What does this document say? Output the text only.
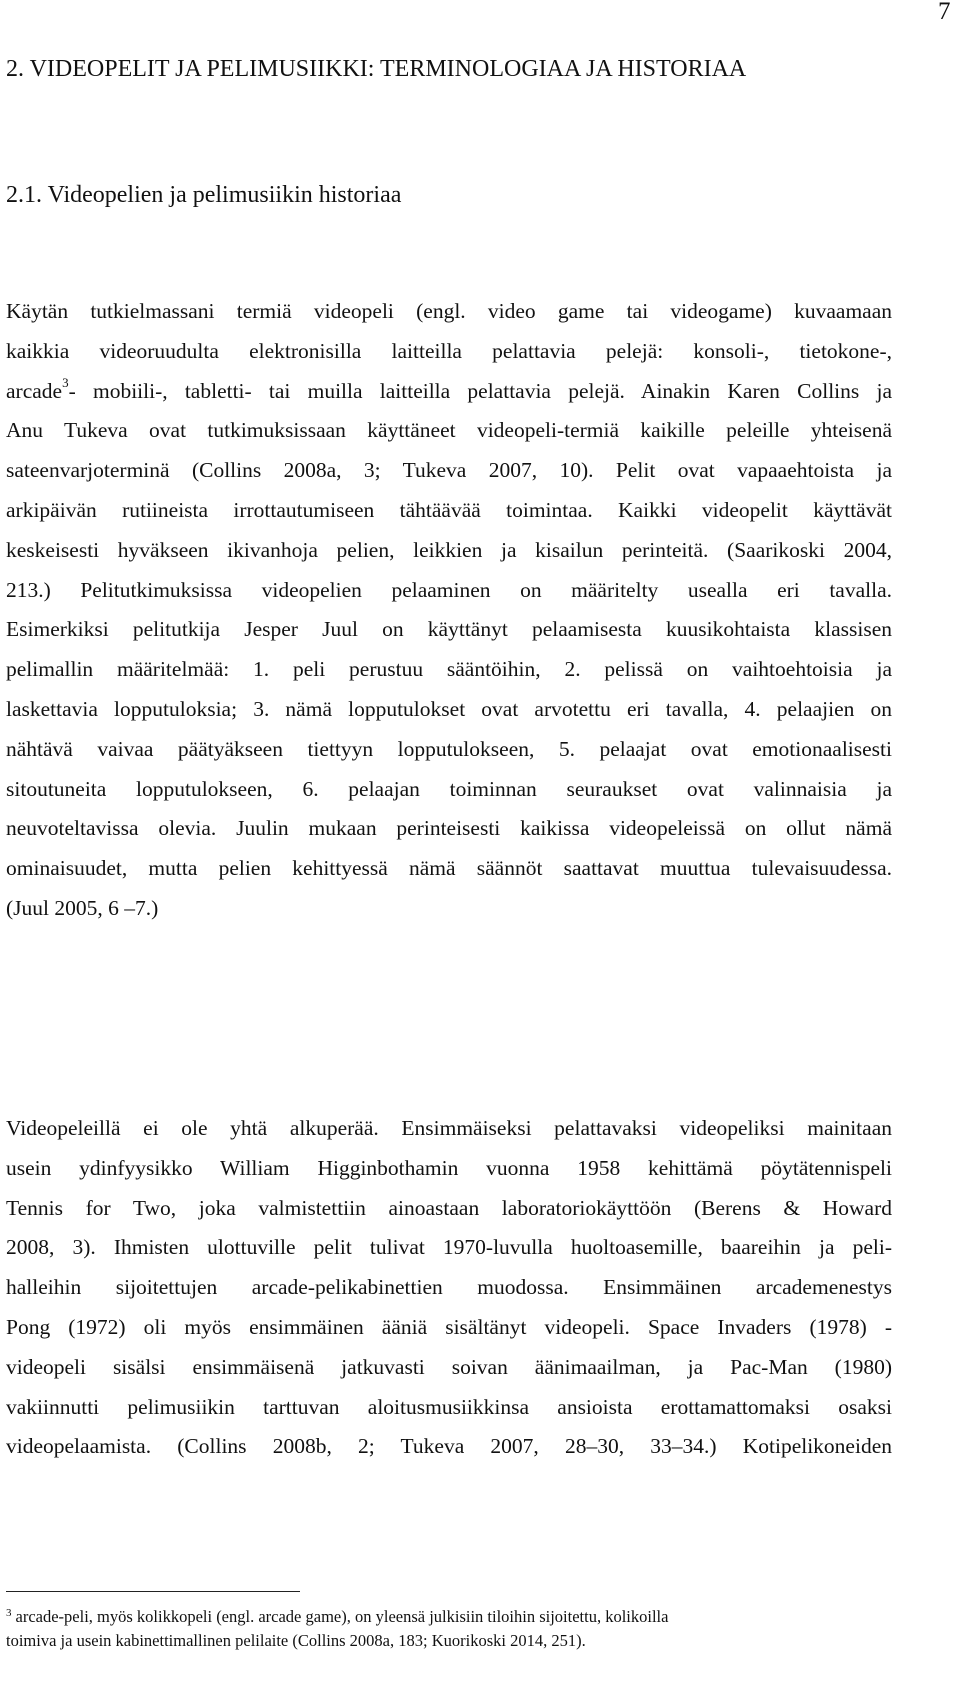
7
2. VIDEOPELIT JA PELIMUSIIKKI: TERMINOLOGIAA JA HISTORIAA
2.1. Videopelien ja pelimusiikin historiaa
Käytän tutkielmassani termiä videopeli (engl. video game tai videogame) kuvaamaan
kaikkia videoruudulta elektronisilla laitteilla pelattavia pelejä: konsoli-, tietokone-,
arcade$^3$- mobiili-, tabletti- tai muilla laitteilla pelattavia pelejä. Ainakin Karen Collins ja
Anu Tukeva ovat tutkimuksissaan käyttäneet videopeli-termiä kaikille peleille yhteisenä
sateenvarjoterminä (Collins 2008a, 3; Tukeva 2007, 10). Pelit ovat vapaaehtoista ja
arkipäivän rutiineista irrottautumiseen tähtäävää toimintaa. Kaikki videopelit käyttävät
keskeisesti hyväkseen ikivanhoja pelien, leikkien ja kisailun perinteitä. (Saarikoski 2004,
213.) Pelitutkimuksissa videopelien pelaaminen on määritelty usealla eri tavalla.
Esimerkiksi pelitutkija Jesper Juul on käyttänyt pelaamisesta kuusikohtaista klassisen
pelimallin määritelmää: 1. peli perustuu sääntöihin, 2. pelissä on vaihtoehtoisia ja
laskettavia lopputuloksia; 3. nämä lopputulokset ovat arvotettu eri tavalla, 4. pelaajien on
nähtävä vaivaa päätyäkseen tiettyyn lopputulokseen, 5. pelaajat ovat emotionaalisesti
sitoutuneita lopputulokseen, 6. pelaajan toiminnan seuraukset ovat valinnaisia ja
neuvoteltavissa olevia. Juulin mukaan perinteisesti kaikissa videopeleissä on ollut nämä
ominaisuudet, mutta pelien kehittyessä nämä säännöt saattavat muuttua tulevaisuudessa.
(Juul 2005, 6 –7.)
Videopeleillä ei ole yhtä alkuperää. Ensimmäiseksi pelattavaksi videopeliksi mainitaan
usein ydinfyysikko William Higginbothamin vuonna 1958 kehittämä pöytätennispeli
Tennis for Two, joka valmistettiin ainoastaan laboratoriokäyttöön (Berens & Howard
2008, 3). Ihmisten ulottuville pelit tulivat 1970-luvulla huoltoasemille, baareihin ja peli-
halleihin sijoitettujen arcade-pelikabinettien muodossa. Ensimmäinen arcademenestys
Pong (1972) oli myös ensimmäinen ääniä sisältänyt videopeli. Space Invaders (1978) -
videopeli sisälsi ensimmäisenä jatkuvasti soivan äänimaailman, ja Pac-Man (1980)
vakiinnutti pelimusiikin tarttuvan aloitusmusiikkinsa ansioista erottamattomaksi osaksi
videopelaamista. (Collins 2008b, 2; Tukeva 2007, 28–30, 33–34.) Kotipelikoneiden
$^3$ arcade-peli, myös kolikkopeli (engl. arcade game), on yleensä julkisiin tiloihin sijoitettu, kolikoilla
toimiva ja usein kabinettimallinen pelilaite (Collins 2008a, 183; Kuorikoski 2014, 251).
